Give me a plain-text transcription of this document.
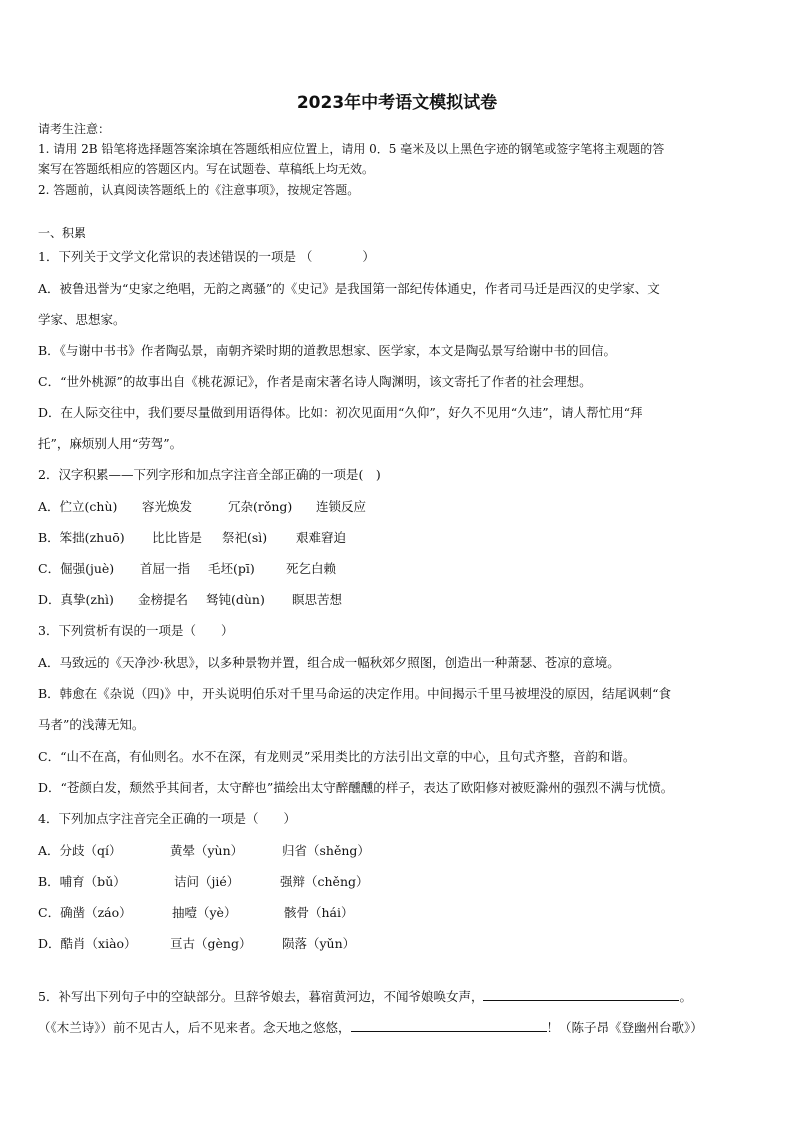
2023年中考语文模拟试卷
请考生注意：
1. 请用 2B 铅笔将选择题答案涂填在答题纸相应位置上，请用 0．5 毫米及以上黑色字迹的钢笔或签字笔将主观题的答
案写在答题纸相应的答题区内。写在试题卷、草稿纸上均无效。
2. 答题前，认真阅读答题纸上的《注意事项》，按规定答题。
一、积累
1．下列关于文学文化常识的表述错误的一项是 （　　　　）
A．被鲁迅誉为“史家之绝唱，无韵之离骚”的《史记》是我国第一部纪传体通史，作者司马迁是西汉的史学家、文
学家、思想家。
B．《与谢中书书》作者陶弘景，南朝齐梁时期的道教思想家、医学家，本文是陶弘景写给谢中书的回信。
C．“世外桃源”的故事出自《桃花源记》，作者是南宋著名诗人陶渊明，该文寄托了作者的社会理想。
D．在人际交往中，我们要尽量做到用语得体。比如：初次见面用“久仰”，好久不见用“久违”，请人帮忙用“拜
托”，麻烦别人用“劳驾”。
2．汉字积累——下列字形和加点字注音全部正确的一项是(　)
A．伫立(chù) 容光焕发	冗杂(rǒng) 连锁反应
B．笨拙(zhuō) 比比皆是 祭祀(sì) 艰难窘迫
C．倔强(juè) 首屈一指 毛坯(pī) 死乞白赖
D．真挚(zhì) 金榜提名 驽钝(dùn) 瞑思苦想
3．下列赏析有误的一项是（　　）
A．马致远的《天净沙·秋思》，以多种景物并置，组合成一幅秋郊夕照图，创造出一种萧瑟、苍凉的意境。
B．韩愈在《杂说（四)》中，开头说明伯乐对千里马命运的决定作用。中间揭示千里马被埋没的原因，结尾讽刺“食
马者”的浅薄无知。
C．“山不在高，有仙则名。水不在深，有龙则灵”采用类比的方法引出文章的中心，且句式齐整，音韵和谐。
D．“苍颜白发，颓然乎其间者，太守醉也”描绘出太守醉醺醺的样子，表达了欧阳修对被贬滁州的强烈不满与忧愤。
4．下列加点字注音完全正确的一项是（　　）
A．分歧（qí）	黄晕（yùn）	归省（shěng）
B．哺育（bǔ）	诘问（jié）	强辩（chěng）
C．确凿（záo）	抽噎（yè）	骸骨（hái）
D．酷肖（xiào）	亘古（gèng） 陨落（yǔn）
5．补写出下列句子中的空缺部分。旦辞爷娘去，暮宿黄河边，不闻爷娘唤女声，	。
（《木兰诗》）前不见古人，后不见来者。念天地之悠悠，	！（陈子昂《登幽州台歌》）
